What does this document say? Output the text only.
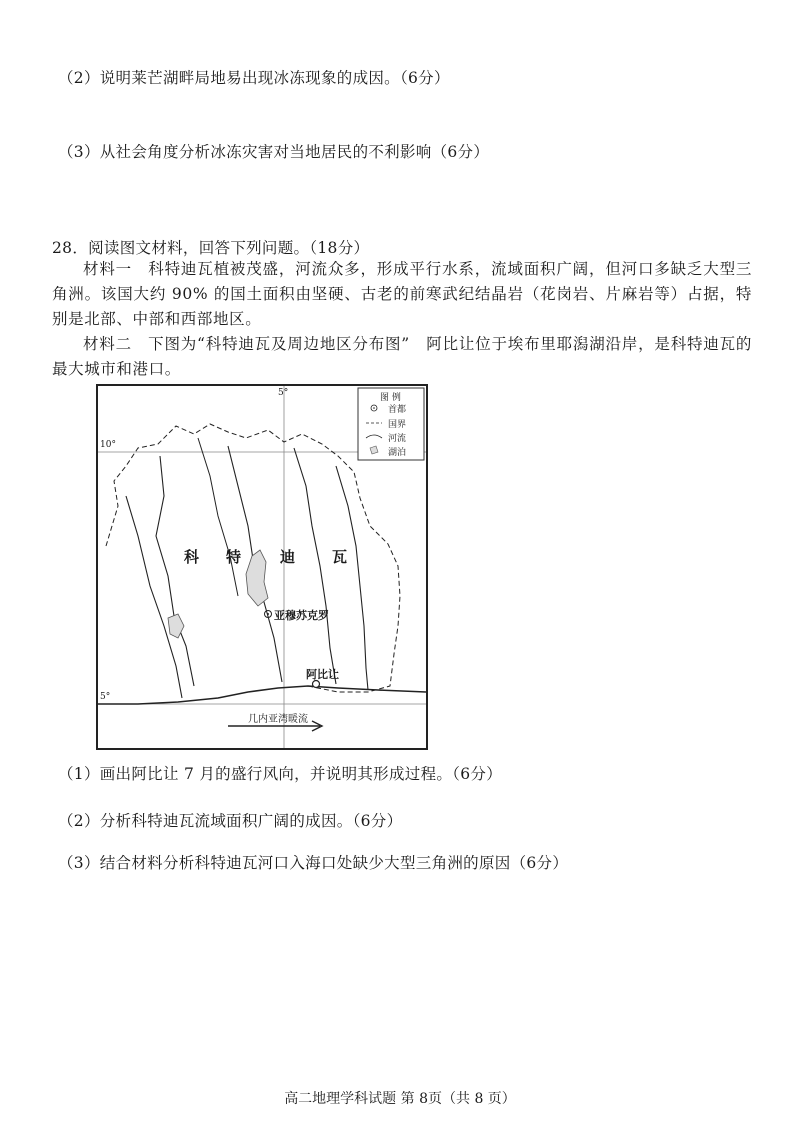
（2）说明莱芒湖畔局地易出现冰冻现象的成因。（6分）
（3）从社会角度分析冰冻灾害对当地居民的不利影响（6分）
28．阅读图文材料，回答下列问题。（18分）
材料一　科特迪瓦植被茂盛，河流众多，形成平行水系，流域面积广阔，但河口多缺乏大型三角洲。该国大约 90% 的国土面积由坚硬、古老的前寒武纪结晶岩（花岗岩、片麻岩等）占据，特别是北部、中部和西部地区。
材料二　下图为“科特迪瓦及周边地区分布图”　阿比让位于埃布里耶潟湖沿岸，是科特迪瓦的最大城市和港口。
5°
10°
5°
科 特	迪 瓦
亚穆苏克罗
阿比让
几内亚湾暖流
图 例
首都
国界
河流
湖泊
（1）画出阿比让 7 月的盛行风向，并说明其形成过程。（6分）
（2）分析科特迪瓦流域面积广阔的成因。（6分）
（3）结合材料分析科特迪瓦河口入海口处缺少大型三角洲的原因（6分）
高二地理学科试题 第 8页（共 8 页）
